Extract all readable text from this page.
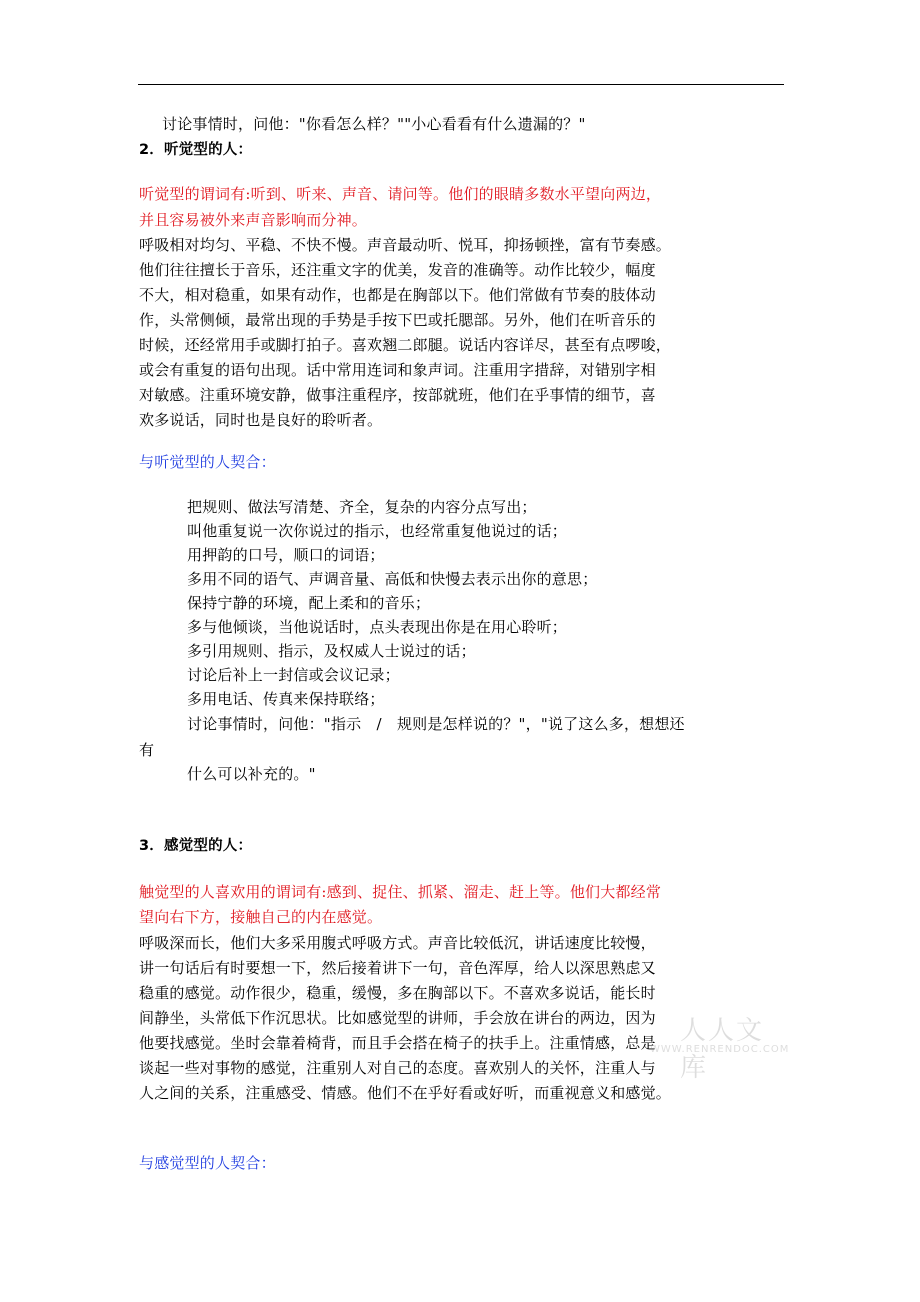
讨论事情时，问他："你看怎么样？""小心看看有什么遗漏的？"
2．听觉型的人：
听觉型的谓词有:听到、听来、声音、请问等。他们的眼睛多数水平望向两边，
并且容易被外来声音影响而分神。
呼吸相对均匀、平稳、不快不慢。声音最动听、悦耳，抑扬顿挫，富有节奏感。
他们往往擅长于音乐，还注重文字的优美，发音的准确等。动作比较少，幅度
不大，相对稳重，如果有动作，也都是在胸部以下。他们常做有节奏的肢体动
作，头常侧倾，最常出现的手势是手按下巴或托腮部。另外，他们在听音乐的
时候，还经常用手或脚打拍子。喜欢翘二郎腿。说话内容详尽，甚至有点啰唆，
或会有重复的语句出现。话中常用连词和象声词。注重用字措辞，对错别字相
对敏感。注重环境安静，做事注重程序，按部就班，他们在乎事情的细节，喜
欢多说话，同时也是良好的聆听者。
与听觉型的人契合：
把规则、做法写清楚、齐全，复杂的内容分点写出；
叫他重复说一次你说过的指示，也经常重复他说过的话；
用押韵的口号，顺口的词语；
多用不同的语气、声调音量、高低和快慢去表示出你的意思；
保持宁静的环境，配上柔和的音乐；
多与他倾谈，当他说话时，点头表现出你是在用心聆听；
多引用规则、指示，及权威人士说过的话；
讨论后补上一封信或会议记录；
多用电话、传真来保持联络；
讨论事情时，问他："指示　/　规则是怎样说的？"，"说了这么多，想想还
有
什么可以补充的。"
3．感觉型的人：
触觉型的人喜欢用的谓词有:感到、捉住、抓紧、溜走、赶上等。他们大都经常
望向右下方，接触自己的内在感觉。
呼吸深而长，他们大多采用腹式呼吸方式。声音比较低沉，讲话速度比较慢，
讲一句话后有时要想一下，然后接着讲下一句，音色浑厚，给人以深思熟虑又
稳重的感觉。动作很少，稳重，缓慢，多在胸部以下。不喜欢多说话，能长时
间静坐，头常低下作沉思状。比如感觉型的讲师，手会放在讲台的两边，因为
他要找感觉。坐时会靠着椅背，而且手会搭在椅子的扶手上。注重情感，总是
谈起一些对事物的感觉，注重别人对自己的态度。喜欢别人的关怀，注重人与
人之间的关系，注重感受、情感。他们不在乎好看或好听，而重视意义和感觉。
与感觉型的人契合：
人人文库
WWW.RENRENDOC.COM
